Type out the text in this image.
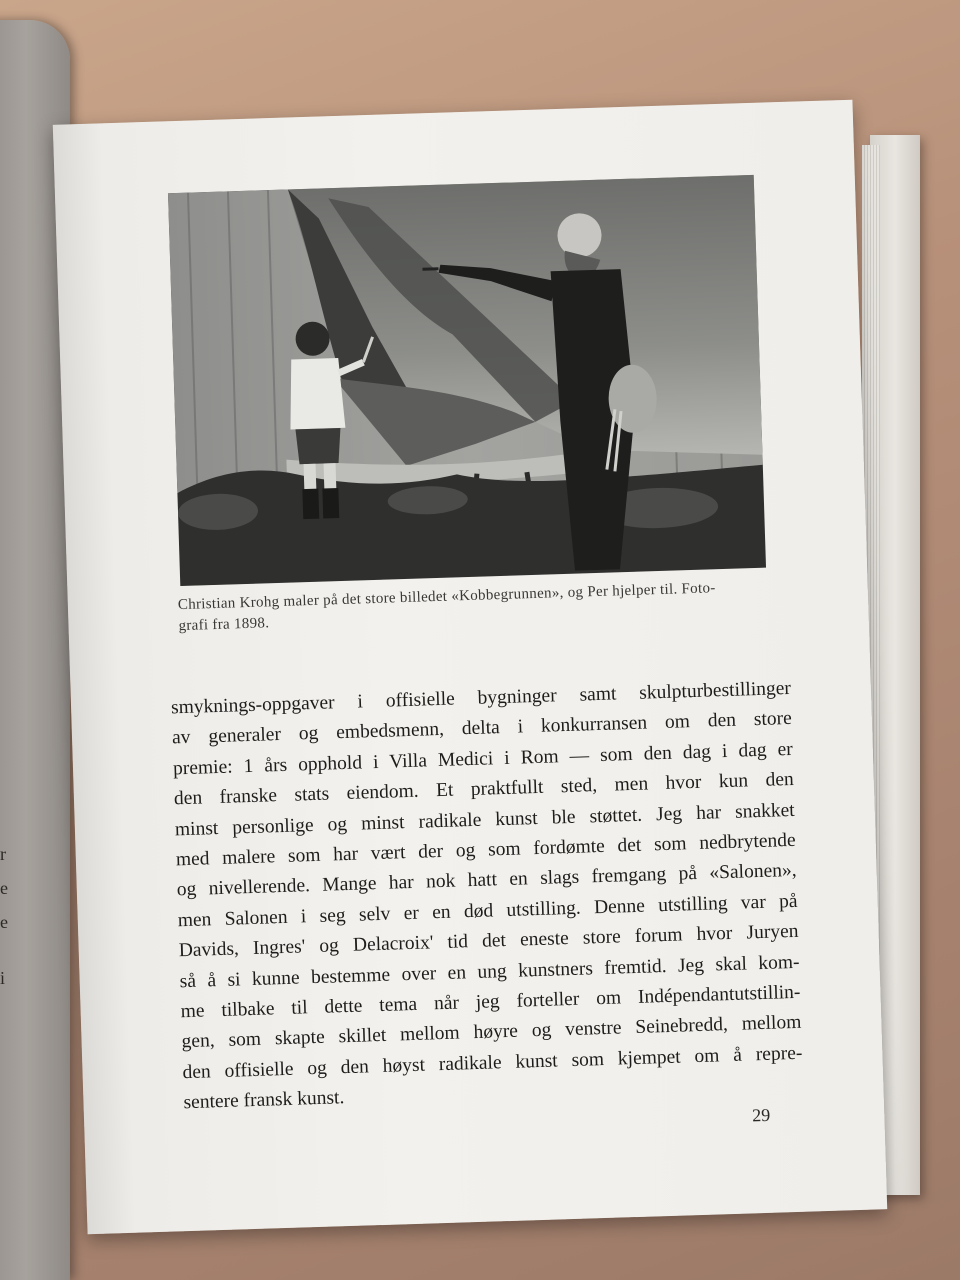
r
e
e
i
Christian Krohg maler på det store billedet «Kobbegrunnen», og Per hjelper til. Foto-
grafi fra 1898.
smyknings-oppgaver i offisielle bygninger samt skulpturbestillinger
av generaler og embedsmenn, delta i konkurransen om den store
premie: 1 års opphold i Villa Medici i Rom — som den dag i dag er
den franske stats eiendom. Et praktfullt sted, men hvor kun den
minst personlige og minst radikale kunst ble støttet. Jeg har snakket
med malere som har vært der og som fordømte det som nedbrytende
og nivellerende. Mange har nok hatt en slags fremgang på «Salonen»,
men Salonen i seg selv er en død utstilling. Denne utstilling var på
Davids, Ingres' og Delacroix' tid det eneste store forum hvor Juryen
så å si kunne bestemme over en ung kunstners fremtid. Jeg skal kom-
me tilbake til dette tema når jeg forteller om Indépendantutstillin-
gen, som skapte skillet mellom høyre og venstre Seinebredd, mellom
den offisielle og den høyst radikale kunst som kjempet om å repre-
sentere fransk kunst.
29
